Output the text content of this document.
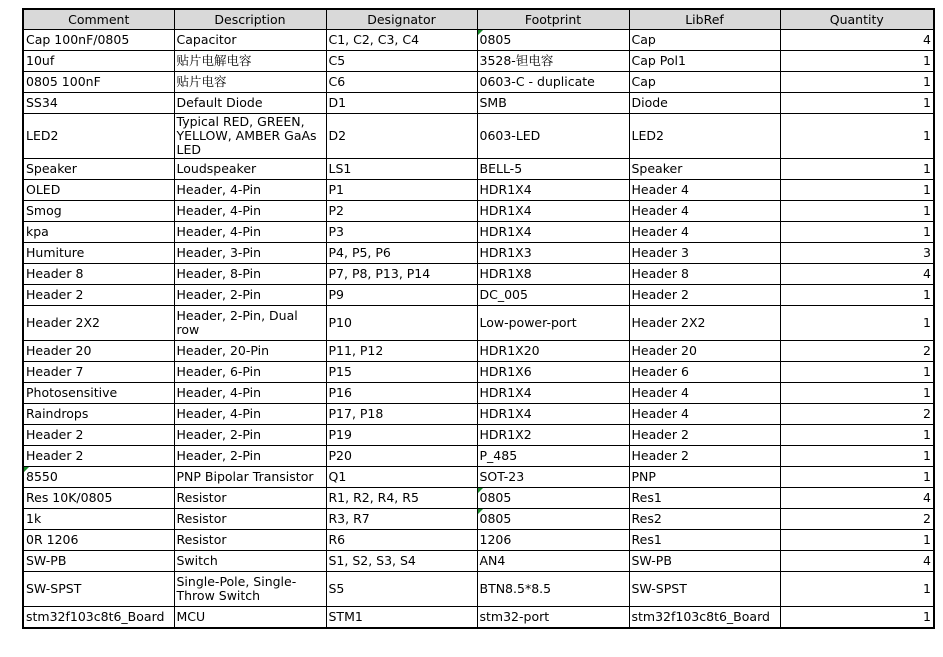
Comment	Description	Designator	Footprint	LibRef	Quantity
Cap 100nF/0805	Capacitor	C1, C2, C3, C4	0805	Cap	4
10uf	贴片电解电容	C5	3528-钽电容	Cap Pol1	1
0805 100nF	贴片电容	C6	0603-C - duplicate	Cap	1
SS34	Default Diode	D1	SMB	Diode	1
LED2	Typical RED, GREEN, YELLOW, AMBER GaAs LED	D2	0603-LED	LED2	1
Speaker	Loudspeaker	LS1	BELL-5	Speaker	1
OLED	Header, 4-Pin	P1	HDR1X4	Header 4	1
Smog	Header, 4-Pin	P2	HDR1X4	Header 4	1
kpa	Header, 4-Pin	P3	HDR1X4	Header 4	1
Humiture	Header, 3-Pin	P4, P5, P6	HDR1X3	Header 3	3
Header 8	Header, 8-Pin	P7, P8, P13, P14	HDR1X8	Header 8	4
Header 2	Header, 2-Pin	P9	DC_005	Header 2	1
Header 2X2	Header, 2-Pin, Dual row	P10	Low-power-port	Header 2X2	1
Header 20	Header, 20-Pin	P11, P12	HDR1X20	Header 20	2
Header 7	Header, 6-Pin	P15	HDR1X6	Header 6	1
Photosensitive	Header, 4-Pin	P16	HDR1X4	Header 4	1
Raindrops	Header, 4-Pin	P17, P18	HDR1X4	Header 4	2
Header 2	Header, 2-Pin	P19	HDR1X2	Header 2	1
Header 2	Header, 2-Pin	P20	P_485	Header 2	1
8550	PNP Bipolar Transistor	Q1	SOT-23	PNP	1
Res 10K/0805	Resistor	R1, R2, R4, R5	0805	Res1	4
1k	Resistor	R3, R7	0805	Res2	2
0R 1206	Resistor	R6	1206	Res1	1
SW-PB	Switch	S1, S2, S3, S4	AN4	SW-PB	4
SW-SPST	Single-Pole, Single-Throw Switch	S5	BTN8.5*8.5	SW-SPST	1
stm32f103c8t6_Board	MCU	STM1	stm32-port	stm32f103c8t6_Board	1
